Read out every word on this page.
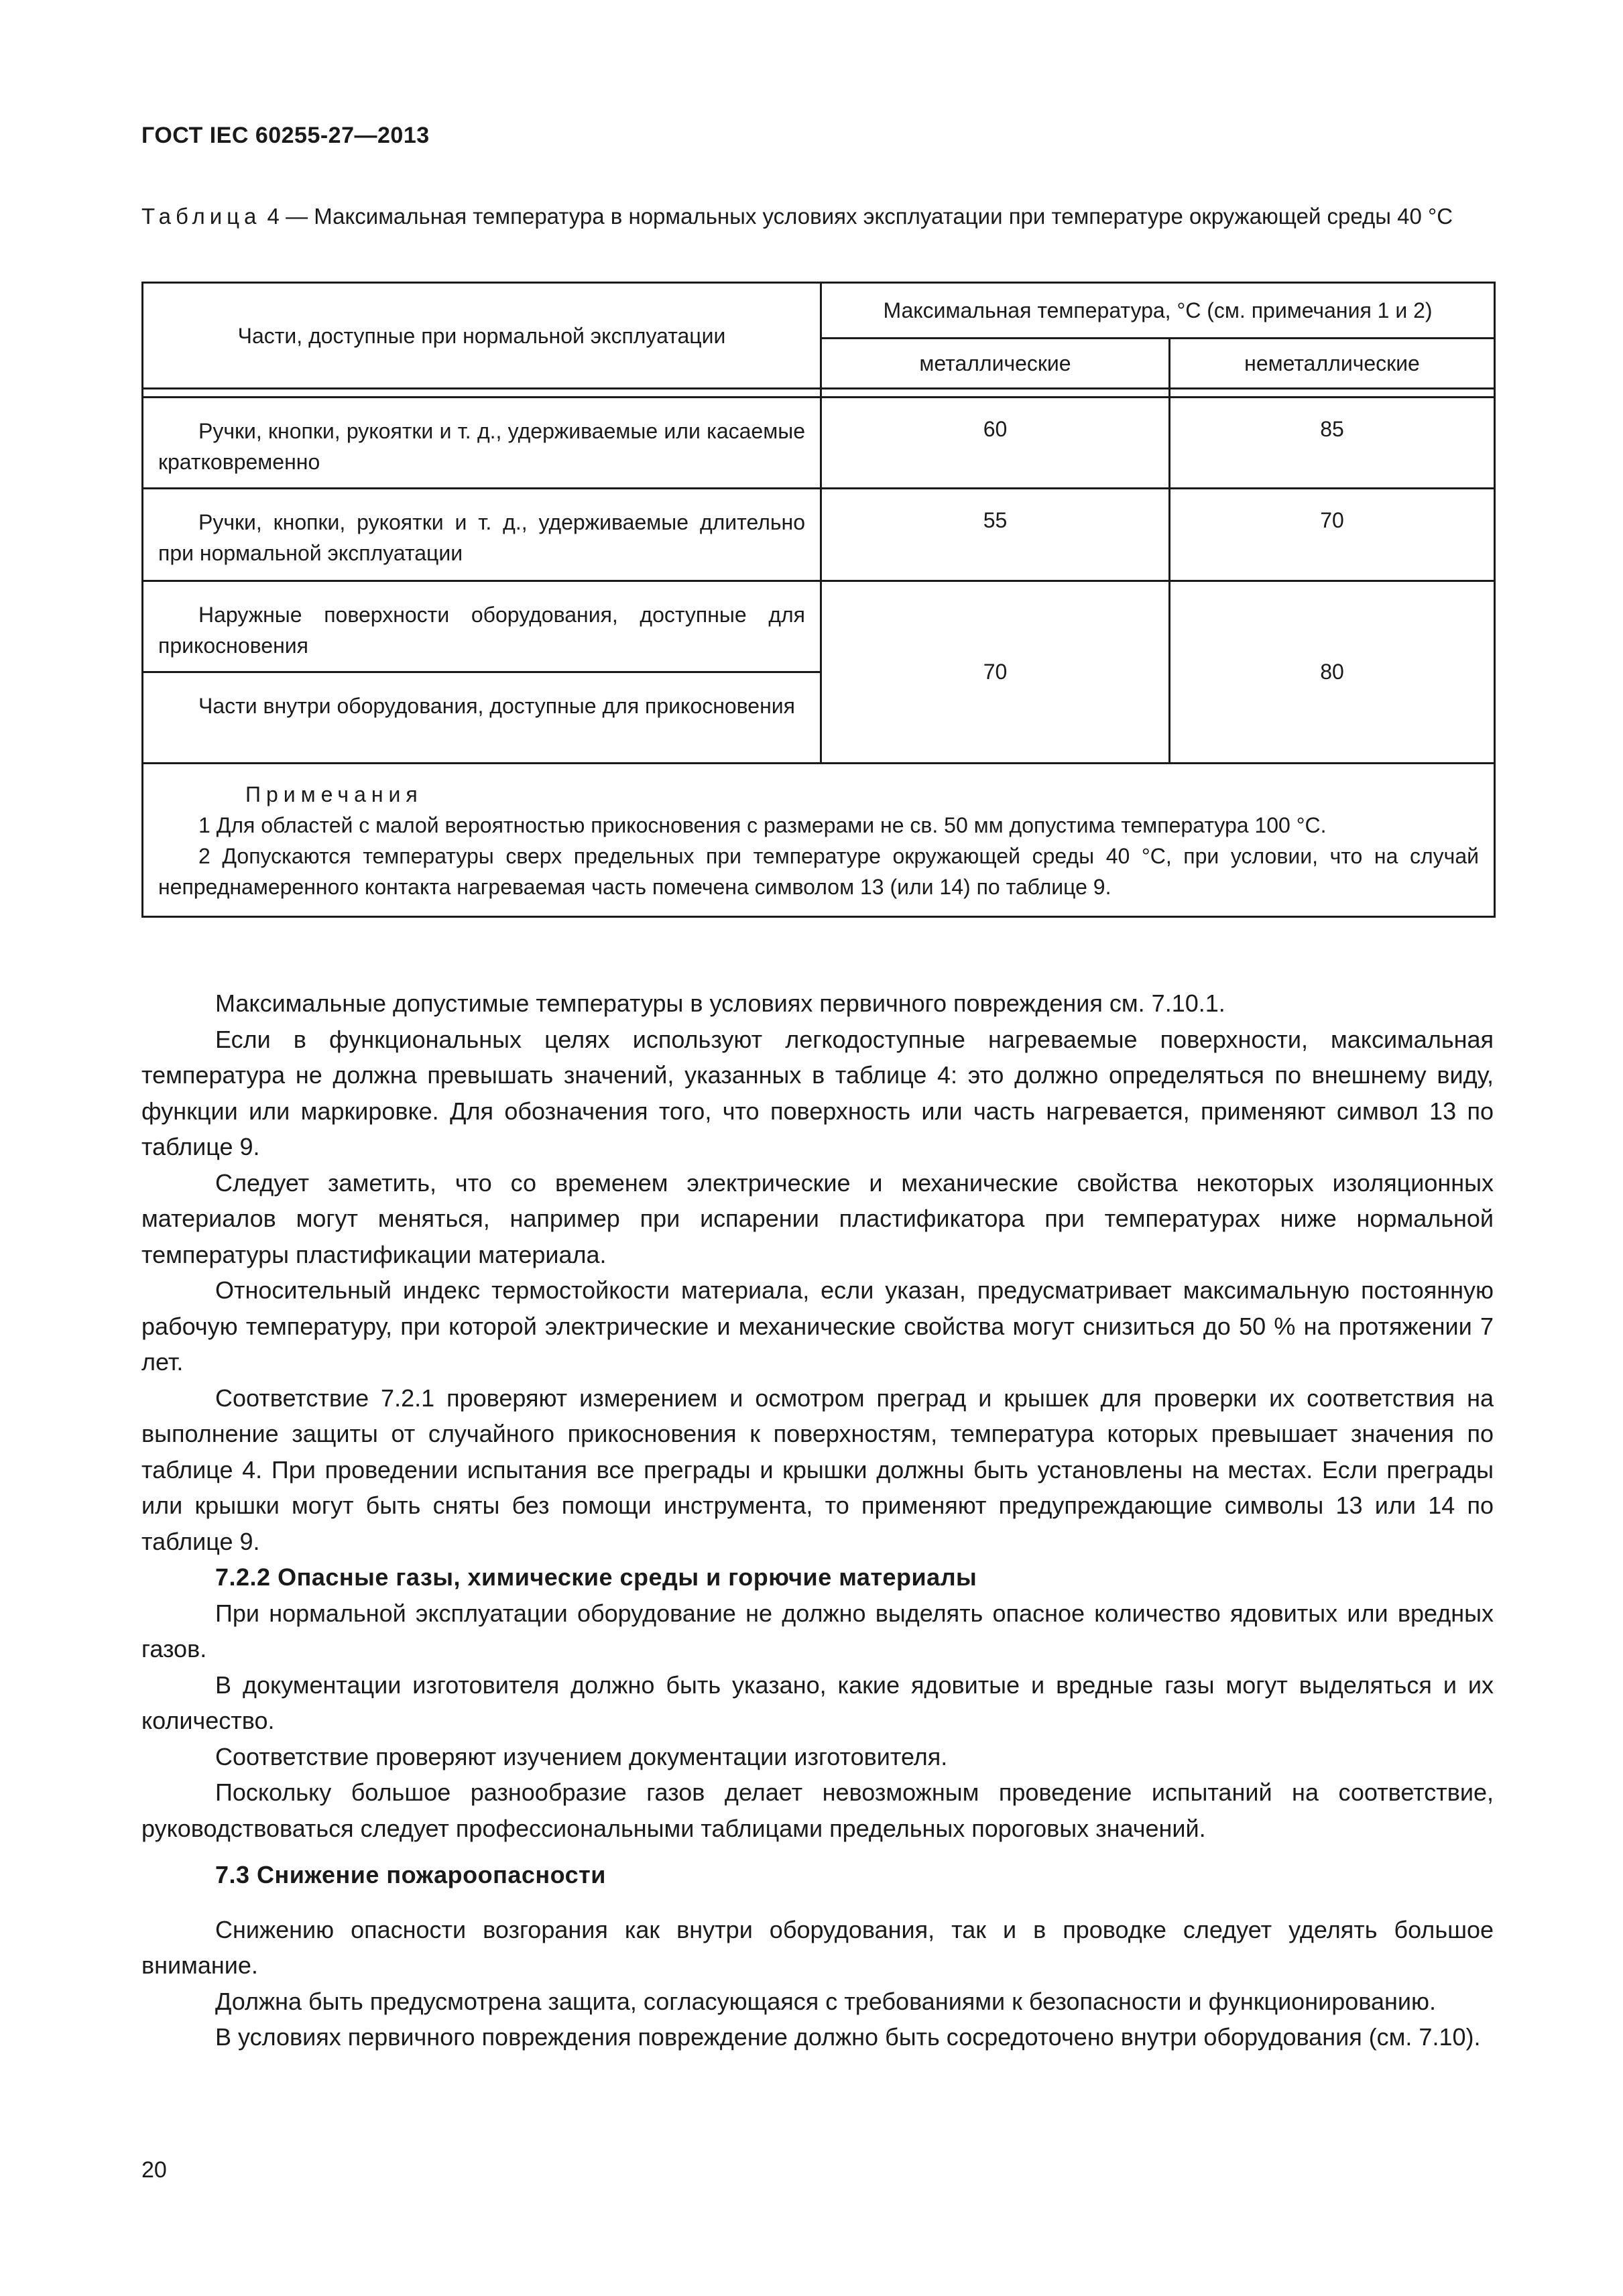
ГОСТ IEC 60255-27—2013
Таблица 4 — Максимальная температура в нормальных условиях эксплуатации при температуре окружающей среды 40 °С
Части, доступные при нормальной эксплуатации	Максимальная температура, °С (см. примечания 1 и 2)	
	металлические	неметаллические

Ручки, кнопки, рукоятки и т. д., удерживаемые или касаемые кратковременно	60	85
Ручки, кнопки, рукоятки и т. д., удерживаемые длительно при нормальной эксплуатации	55	70
Наружные поверхности оборудования, доступные для прикосновения	70	80
Части внутри оборудования, доступные для прикосновения		

Примечания
1 Для областей с малой вероятностью прикосновения с размерами не св. 50 мм допустима температура 100 °С.
2 Допускаются температуры сверх предельных при температуре окружающей среды 40 °С, при условии, что на случай непреднамеренного контакта нагреваемая часть помечена символом 13 (или 14) по таблице 9.		

Максимальные допустимые температуры в условиях первичного повреждения см. 7.10.1.

Если в функциональных целях используют легкодоступные нагреваемые поверхности, максимальная температура не должна превышать значений, указанных в таблице 4: это должно определяться по внешнему виду, функции или маркировке. Для обозначения того, что поверхность или часть нагревается, применяют символ 13 по таблице 9.

Следует заметить, что со временем электрические и механические свойства некоторых изоляционных материалов могут меняться, например при испарении пластификатора при температурах ниже нормальной температуры пластификации материала.

Относительный индекс термостойкости материала, если указан, предусматривает максимальную постоянную рабочую температуру, при которой электрические и механические свойства могут снизиться до 50 % на протяжении 7 лет.

Соответствие 7.2.1 проверяют измерением и осмотром преград и крышек для проверки их соответствия на выполнение защиты от случайного прикосновения к поверхностям, температура которых превышает значения по таблице 4. При проведении испытания все преграды и крышки должны быть установлены на местах. Если преграды или крышки могут быть сняты без помощи инструмента, то применяют предупреждающие символы 13 или 14 по таблице 9.

7.2.2 Опасные газы, химические среды и горючие материалы

При нормальной эксплуатации оборудование не должно выделять опасное количество ядовитых или вредных газов.

В документации изготовителя должно быть указано, какие ядовитые и вредные газы могут выделяться и их количество.

Соответствие проверяют изучением документации изготовителя.

Поскольку большое разнообразие газов делает невозможным проведение испытаний на соответствие, руководствоваться следует профессиональными таблицами предельных пороговых значений.

7.3 Снижение пожароопасности

Снижению опасности возгорания как внутри оборудования, так и в проводке следует уделять большое внимание.

Должна быть предусмотрена защита, согласующаяся с требованиями к безопасности и функционированию.

В условиях первичного повреждения повреждение должно быть сосредоточено внутри оборудования (см. 7.10).

20
